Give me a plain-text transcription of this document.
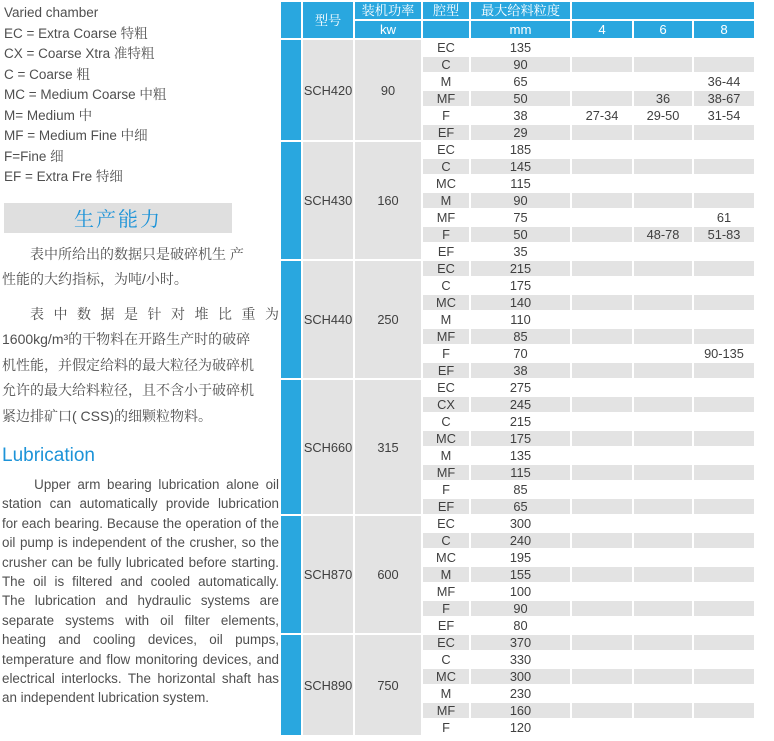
Varied chamber
EC = Extra Coarse 特粗
CX = Coarse Xtra 准特粗
C = Coarse 粗
MC = Medium Coarse 中粗
M= Medium 中
MF = Medium Fine 中细
F=Fine 细
EF = Extra Fre 特细
生产能力
表中所给出的数据只是破碎机生 产
性能的大约指标，为吨/小时。
表中数据是针对堆比重为
1600kg/m³的干物料在开路生产时的破碎
机性能，并假定给料的最大粒径为破碎机
允许的最大给料粒径，且不含小于破碎机
紧边排矿口( CSS)的细颗粒物料。
Lubrication
Upper arm bearing lubrication alone oil station can automatically provide lubrication for each bearing. Because the operation of the oil pump is independent of the crusher, so the crusher can be fully lubricated before starting. The oil is filtered and cooled automatically. The lubrication and hydraulic systems are separate systems with oil filter elements, heating and cooling devices, oil pumps, temperature and flow monitoring devices, and electrical interlocks. The horizontal shaft has an independent lubrication system.
	型号	装机功率	腔型	最大给料粒度			
		kw		mm	4	6	8
	SCH420	90	EC	135			
			C	90			
			M	65			36-44
			MF	50		36	38-67
			F	38	27-34	29-50	31-54
			EF	29			
	SCH430	160	EC	185			
			C	145			
			MC	115			
			M	90			
			MF	75			61
			F	50		48-78	51-83
			EF	35			
	SCH440	250	EC	215			
			C	175			
			MC	140			
			M	110			
			MF	85			
			F	70			90-135
			EF	38			
	SCH660	315	EC	275			
			CX	245			
			C	215			
			MC	175			
			M	135			
			MF	115			
			F	85			
			EF	65			
	SCH870	600	EC	300			
			C	240			
			MC	195			
			M	155			
			MF	100			
			F	90			
			EF	80			
	SCH890	750	EC	370			
			C	330			
			MC	300			
			M	230			
			MF	160			
			F	120			
